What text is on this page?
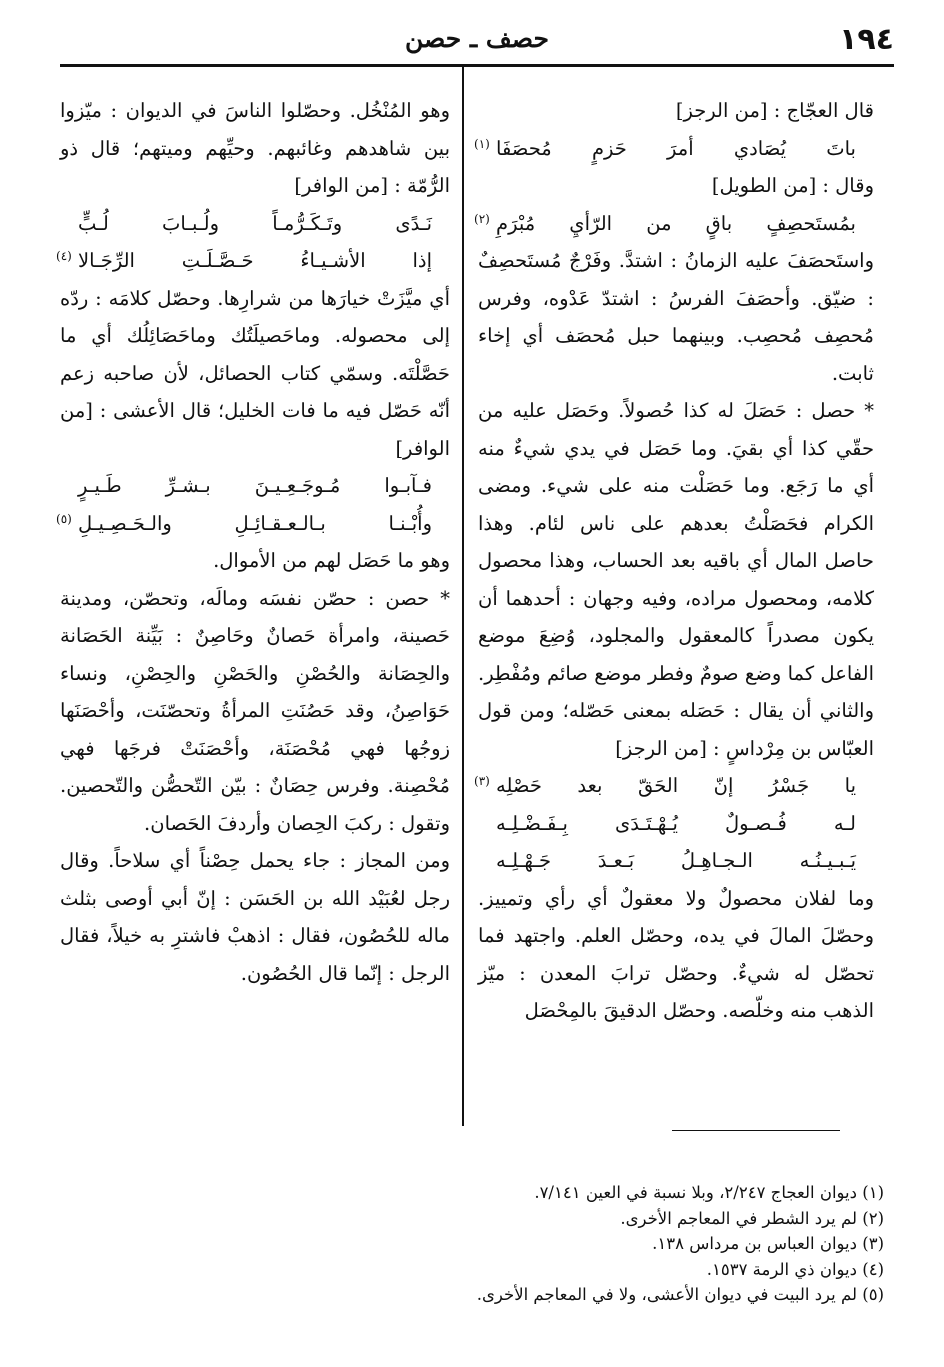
١٩٤
حصف ـ حصن

قال العجّاج : [من الرجز]

باتَ يُصَادي أمرَ حَزمٍ مُحصَفَا
(١)

وقال : [من الطويل]

بمُستَحصِفٍ باقٍ من الرّأيِ مُبْرَمِ
(٢)

واستَحصَفَ عليه الزمانُ : اشتدَّ. وفَرْجٌ مُستَحصِفٌ : ضيّق. وأحصَفَ الفرسُ : اشتدّ عَدْوه، وفرس مُحصِف مُحصِب. وبينهما حبل مُحصَف أي إخاء ثابت.

* حصل : حَصَلَ له كذا حُصولاً. وحَصَل عليه من حقّي كذا أي بقيَ. وما حَصَل في يدي شيءٌ منه أي ما رَجَع. وما حَصَلْت منه على شيء. ومضى الكرام فحَصَلْتُ بعدهم على ناس لئام. وهذا حاصل المال أي باقيه بعد الحساب، وهذا محصول كلامه، ومحصول مراده، وفيه وجهان : أحدهما أن يكون مصدراً كالمعقول والمجلود، وُضِعَ موضع الفاعل كما وضع صومٌ وفطر موضع صائم ومُفْطِر. والثاني أن يقال : حَصَله بمعنى حَصّله؛ ومن قول العبّاس بن مِرْداسٍ : [من الرجز]

يا جَسْرُ إنّ الحَقّ بعد حَصْلِه
(٣)
لـه فُـصـولٌ يُـهْـتَـدَى بِـفَـضْـلِـه
يَـبـيـنُـه الـجـاهِـلُ بَـعـدَ جَـهْـلِـه

وما لفلان محصولٌ ولا معقولٌ أي رأي وتمييز. وحصّلَ المالَ في يده، وحصّل العلم. واجتهد فما تحصّل له شيءٌ. وحصّل ترابَ المعدن : ميّز الذهب منه وخلّصه. وحصّل الدقيقَ بالمِحْصَل

وهو المُنْخُل. وحصّلوا الناسَ في الديوان : ميّزوا بين شاهدهم وغائبهم. وحيِّهم وميتهم؛ قال ذو الرُّمّة : [من الوافر]

نَـدًى وتَـكَـرُّمـاً ولُـبـابَ لُـبٍّ
إذا الأشـيـاءُ حَـصَّـلَـتِ الرِّجَـالا
(٤)

أي ميَّزَتْ خيارَها من شرارِها. وحصّل كلامَه : ردّه إلى محصوله. وماحَصيلَتُك وماحَصَائِلُك أي ما حَصَّلْتَه. وسمّي كتاب الحصائل، لأن صاحبه زعم أنّه حَصّل فيه ما فات الخليل؛ قال الأعشى : [من الوافر]

فـآبـوا مُـوجَـعِـيـنَ بـشـرِّ طَـيـرٍ
وأُبْـنـا بـالـعـقـائِـلِ والـحَـصِـيـلِ
(٥)

وهو ما حَصَل لهم من الأموال.

* حصن : حصّن نفسَه ومالَه، وتحصّن، ومدينة حَصينة، وامرأة حَصانٌ وحَاصِنٌ : بَيِّنة الحَصَانة والحِصَانة والحُصْنِ والحَصْنِ والحِصْنِ، ونساء حَوَاصِنُ، وقد حَصُنَتِ المرأةُ وتحصّنَت، وأحْصَنَها زوجُها فهي مُحْصَنَة، وأحْصَنَتْ فرجَها فهي مُحْصِنة. وفرس حِصَانٌ : بيّن التّحصُّن والتّحصين. وتقول : ركبَ الحِصان وأردفَ الحَصان.

ومن المجاز : جاء يحمل حِصْناً أي سلاحاً. وقال رجل لعُبَيْد الله بن الحَسَن : إنّ أبي أوصى بثلث ماله للحُصُون، فقال : اذهبْ فاشترِ به خيلاً، فقال الرجل : إنّما قال الحُصُون.

(١) ديوان العجاج ٢/٢٤٧، وبلا نسبة في العين ٧/١٤١.
(٢) لم يرد الشطر في المعاجم الأخرى.
(٣) ديوان العباس بن مرداس ١٣٨.
(٤) ديوان ذي الرمة ١٥٣٧.
(٥) لم يرد البيت في ديوان الأعشى، ولا في المعاجم الأخرى.
